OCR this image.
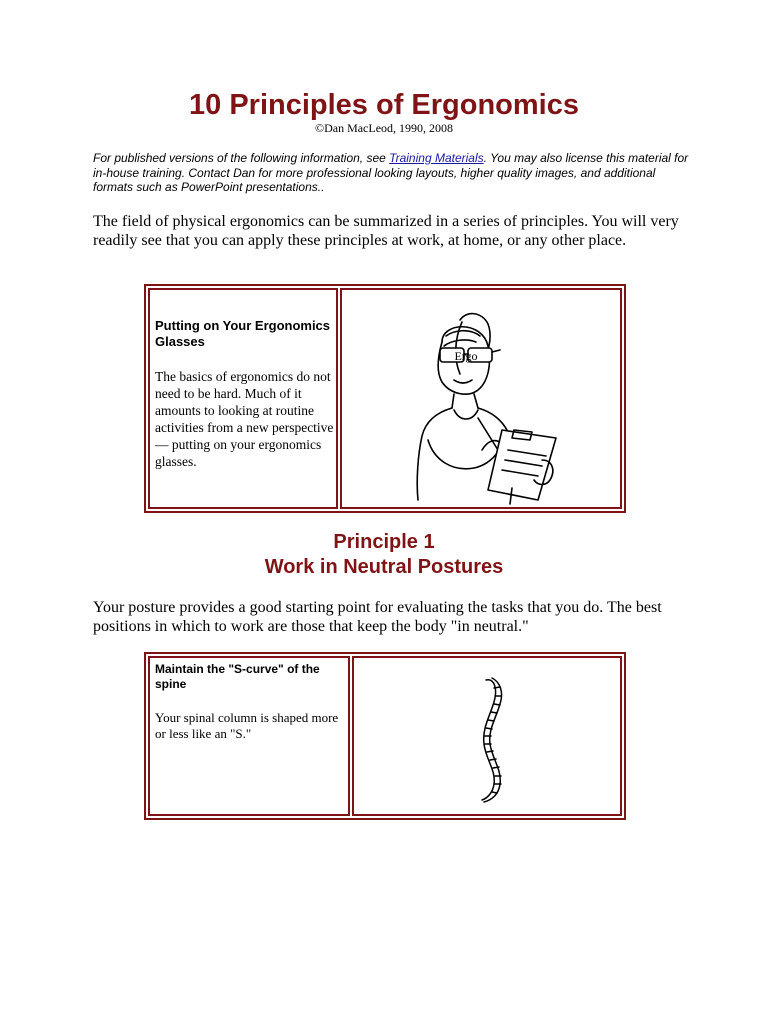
10 Principles of Ergonomics
©Dan MacLeod, 1990, 2008

For published versions of the following information, see Training Materials. You may also license this material for in-house training. Contact Dan for more professional looking layouts, higher quality images, and additional formats such as PowerPoint presentations..

The field of physical ergonomics can be summarized in a series of principles. You will very readily see that you can apply these principles at work, at home, or any other place.

Putting on Your Ergonomics Glasses

The basics of ergonomics do not need to be hard. Much of it amounts to looking at routine activities from a new perspective — putting on your ergonomics glasses.

Ergo
Principle 1
Work in Neutral Postures

Your posture provides a good starting point for evaluating the tasks that you do. The best positions in which to work are those that keep the body "in neutral."

Maintain the "S-curve" of the spine

Your spinal column is shaped more or less like an "S."
